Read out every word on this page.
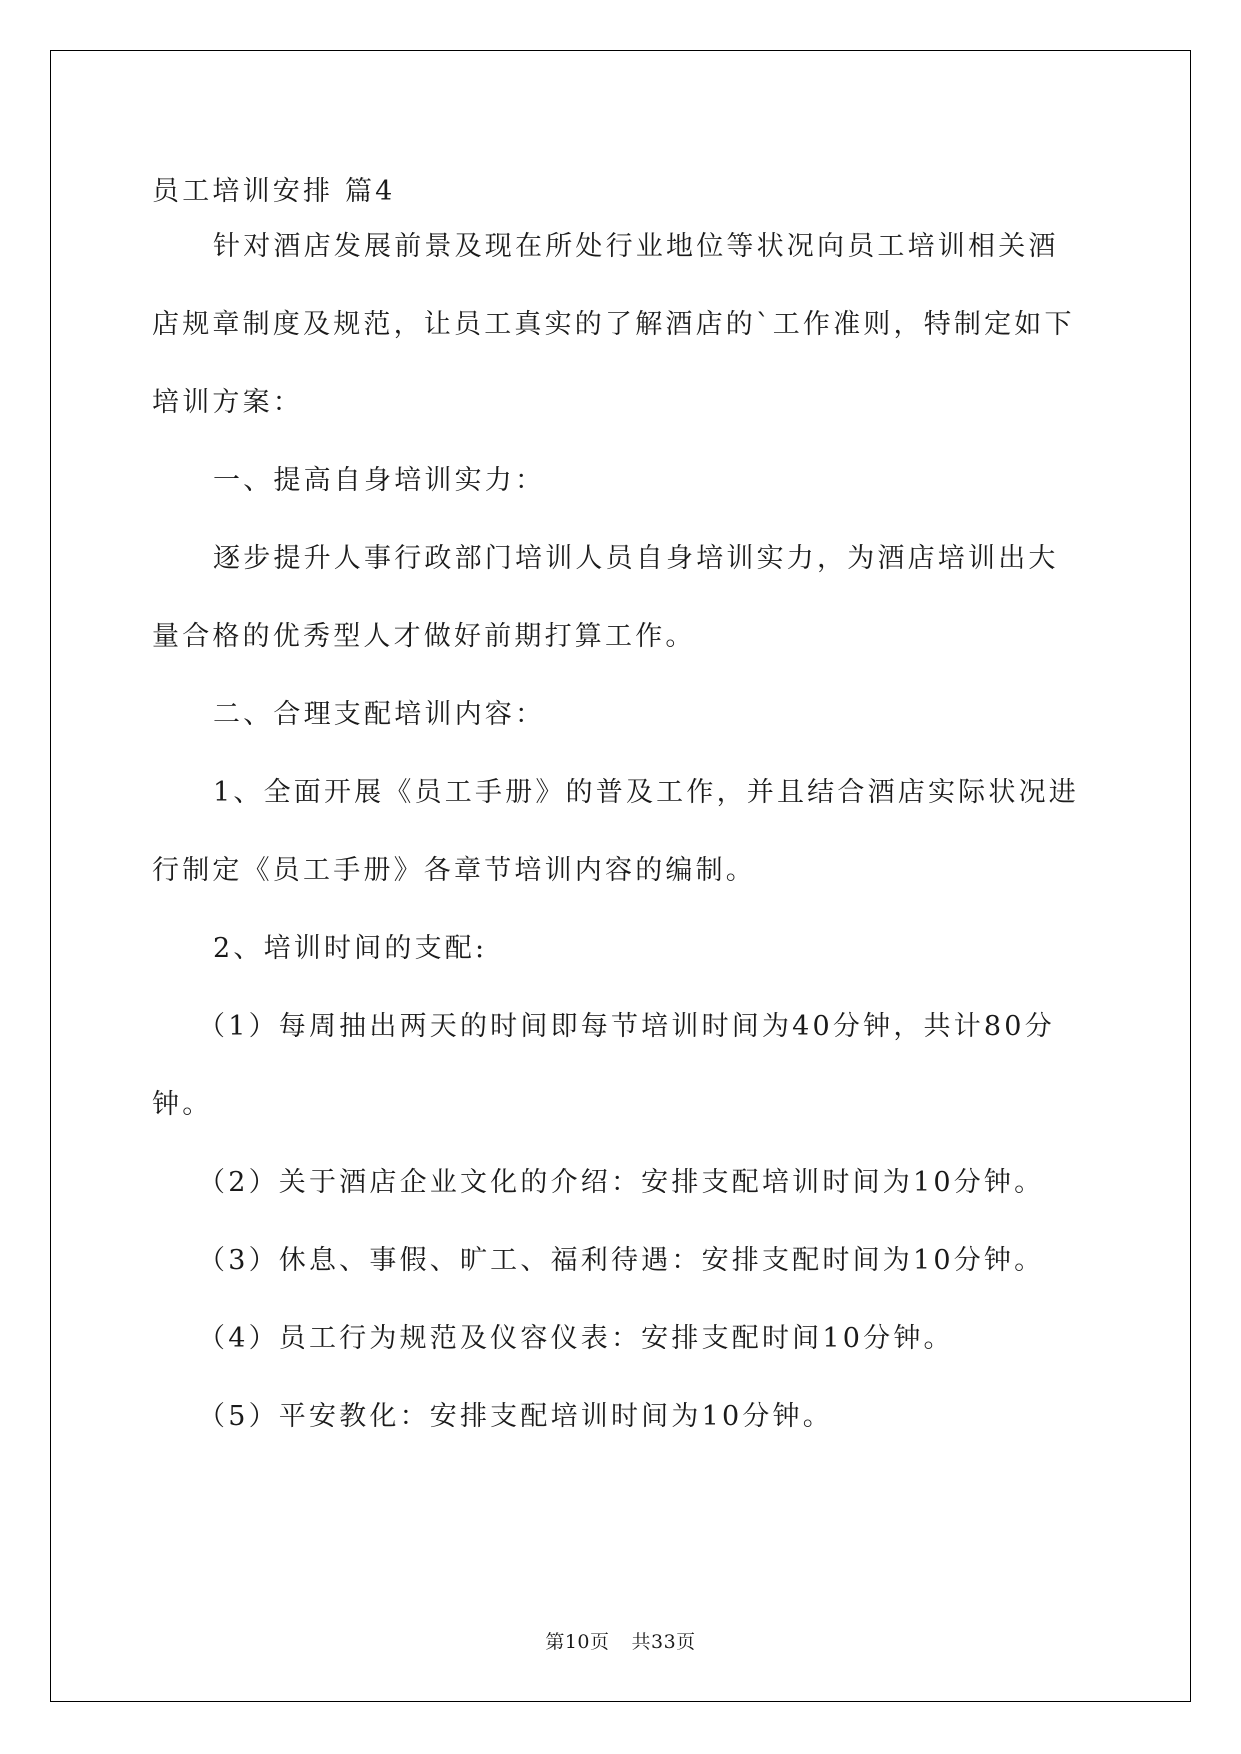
员工培训安排 篇4

针对酒店发展前景及现在所处行业地位等状况向员工培训相关酒

店规章制度及规范，让员工真实的了解酒店的`工作准则，特制定如下

培训方案：

一、提高自身培训实力：

逐步提升人事行政部门培训人员自身培训实力，为酒店培训出大

量合格的优秀型人才做好前期打算工作。

二、合理支配培训内容：

1、全面开展《员工手册》的普及工作，并且结合酒店实际状况进

行制定《员工手册》各章节培训内容的编制。

2、培训时间的支配:

（1）每周抽出两天的时间即每节培训时间为40分钟，共计80分

钟。

（2）关于酒店企业文化的介绍：安排支配培训时间为10分钟。

（3）休息、事假、旷工、福利待遇：安排支配时间为10分钟。

（4）员工行为规范及仪容仪表：安排支配时间10分钟。

（5）平安教化：安排支配培训时间为10分钟。

第10页 共33页
